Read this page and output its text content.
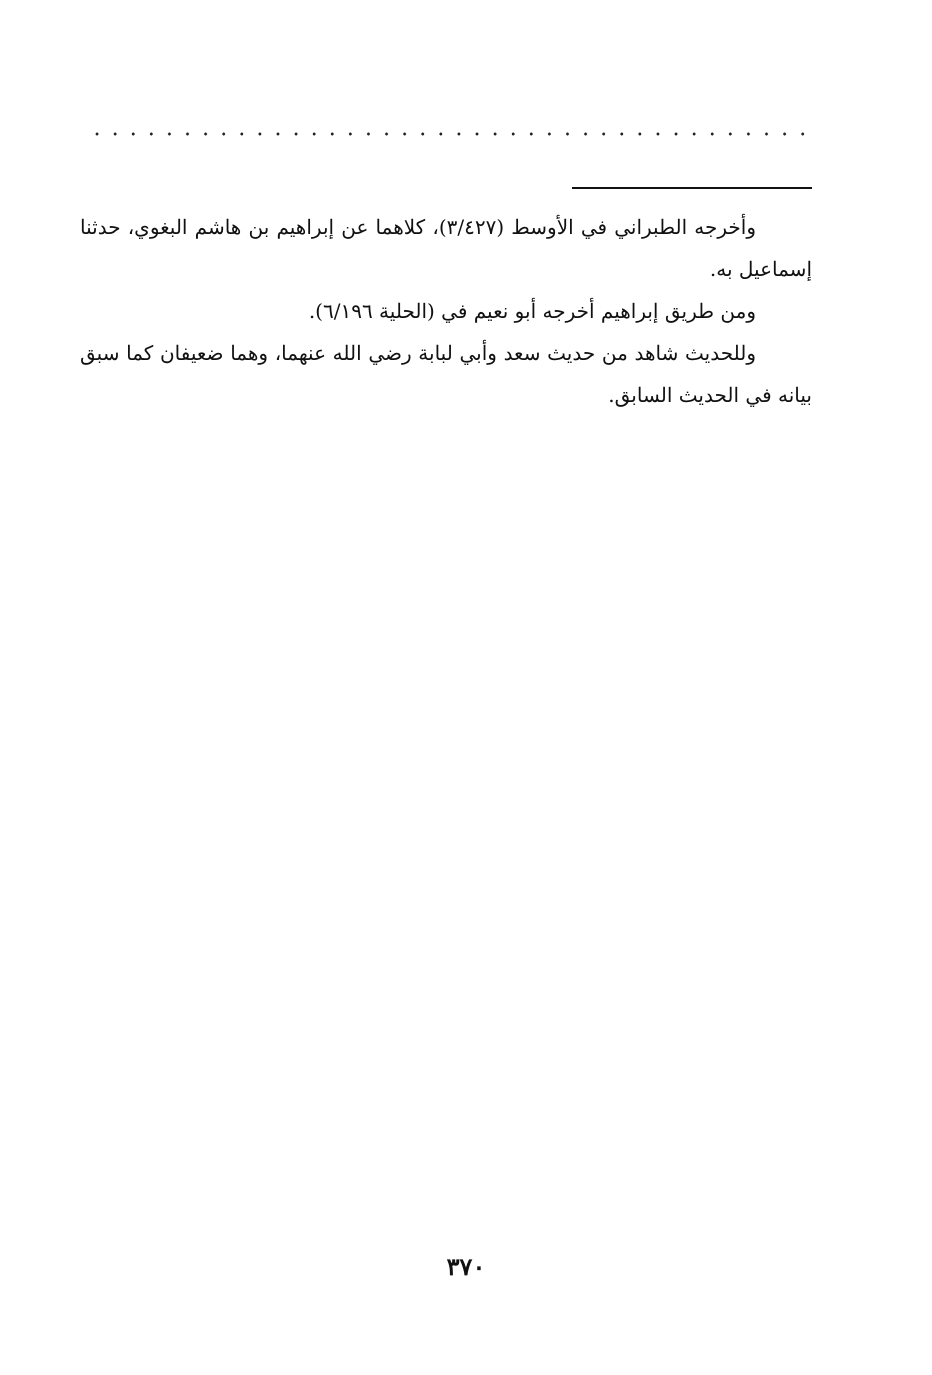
وأخرجه الطبراني في الأوسط (٣/٤٢٧)، كلاهما عن إبراهيم بن هاشم البغوي، حدثنا إسماعيل به.

ومن طريق إبراهيم أخرجه أبو نعيم في (الحلية ٦/١٩٦).

وللحديث شاهد من حديث سعد وأبي لبابة رضي الله عنهما، وهما ضعيفان كما سبق بيانه في الحديث السابق.

٣٧٠
